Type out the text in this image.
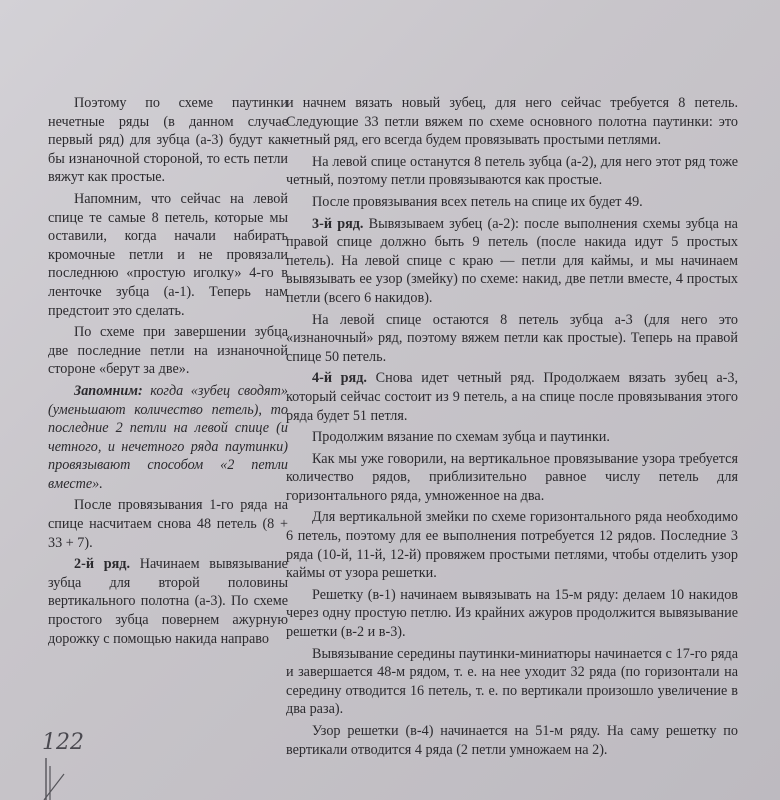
Поэтому по схеме паутинки нечетные ряды (в данном случае первый ряд) для зубца (а-3) будут как бы изнаночной стороной, то есть петли вяжут как простые.

Напомним, что сейчас на левой спице те самые 8 петель, которые мы оставили, когда начали набирать кромочные петли и не провязали последнюю «простую иголку» 4-го в ленточке зубца (а-1). Теперь нам предстоит это сделать.

По схеме при завершении зубца две последние петли на изнаночной стороне «берут за две».

Запомним: когда «зубец сводят» (уменьшают количество петель), то последние 2 петли на левой спице (и четного, и нечетного ряда паутинки) провязывают способом «2 петли вместе».

После провязывания 1-го ряда на спице насчитаем снова 48 петель (8 + 33 + 7).

2-й ряд. Начинаем вывязывание зубца для второй половины вертикального полотна (а-3). По схеме простого зубца повернем ажурную дорожку с помощью накида направо

и начнем вязать новый зубец, для него сейчас требуется 8 петель. Следующие 33 петли вяжем по схеме основного полотна паутинки: это четный ряд, его всегда будем провязывать простыми петлями.

На левой спице останутся 8 петель зубца (а-2), для него этот ряд тоже четный, поэтому петли провязываются как простые.

После провязывания всех петель на спице их будет 49.

3-й ряд. Вывязываем зубец (а-2): после выполнения схемы зубца на правой спице должно быть 9 петель (после накида идут 5 простых петель). На левой спице с краю — петли для каймы, и мы начинаем вывязывать ее узор (змейку) по схеме: накид, две петли вместе, 4 простых петли (всего 6 накидов).

На левой спице остаются 8 петель зубца а-3 (для него это «изнаночный» ряд, поэтому вяжем петли как простые). Теперь на правой спице 50 петель.

4-й ряд. Снова идет четный ряд. Продолжаем вязать зубец а-3, который сейчас состоит из 9 петель, а на спице после провязывания этого ряда будет 51 петля.

Продолжим вязание по схемам зубца и паутинки.

Как мы уже говорили, на вертикальное провязывание узора требуется количество рядов, приблизительно равное числу петель для горизонтального ряда, умноженное на два.

Для вертикальной змейки по схеме горизонтального ряда необходимо 6 петель, поэтому для ее выполнения потребуется 12 рядов. Последние 3 ряда (10-й, 11-й, 12-й) провяжем простыми петлями, чтобы отделить узор каймы от узора решетки.

Решетку (в-1) начинаем вывязывать на 15-м ряду: делаем 10 накидов через одну простую петлю. Из крайних ажуров продолжится вывязывание решетки (в-2 и в-3).

Вывязывание середины паутинки-миниатюры начинается с 17-го ряда и завершается 48-м рядом, т. е. на нее уходит 32 ряда (по горизонтали на середину отводится 16 петель, т. е. по вертикали произошло увеличение в два раза).

Узор решетки (в-4) начинается на 51-м ряду. На саму решетку по вертикали отводится 4 ряда (2 петли умножаем на 2).

122
